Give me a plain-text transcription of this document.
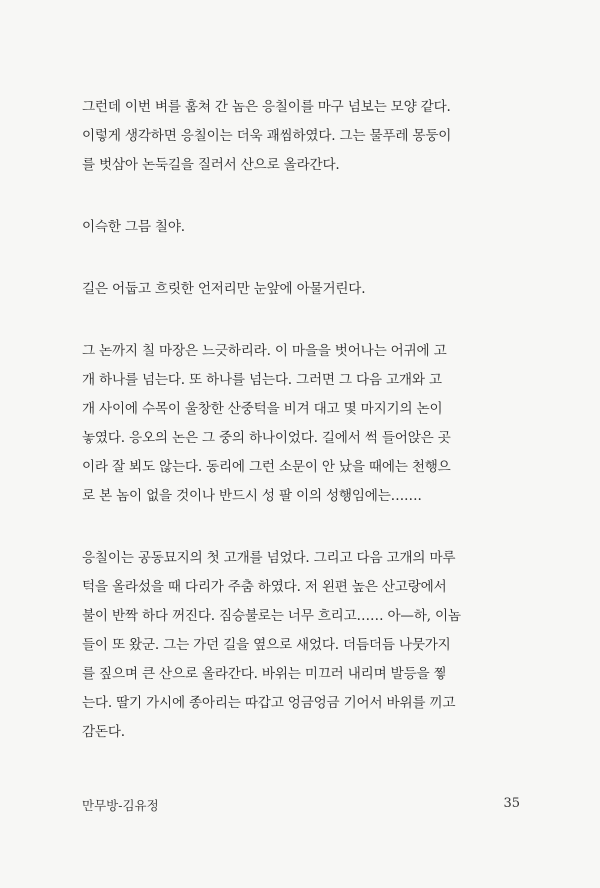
그런데 이번 벼를 훔쳐 간 놈은 응칠이를 마구 넘보는 모양 같다.
이렇게 생각하면 응칠이는 더욱 괘씸하였다. 그는 물푸레 몽둥이
를 벗삼아 논둑길을 질러서 산으로 올라간다.
이슥한 그믐 칠야.
길은 어둡고 흐릿한 언저리만 눈앞에 아물거린다.
그 논까지 칠 마장은 느긋하리라. 이 마을을 벗어나는 어귀에 고
개 하나를 넘는다. 또 하나를 넘는다. 그러면 그 다음 고개와 고
개 사이에 수목이 울창한 산중턱을 비겨 대고 몇 마지기의 논이
놓였다. 응오의 논은 그 중의 하나이었다. 길에서 썩 들어앉은 곳
이라 잘 뵈도 않는다. 동리에 그런 소문이 안 났을 때에는 천행으
로 본 놈이 없을 것이나 반드시 성 팔 이의 성행임에는…….
응칠이는 공동묘지의 첫 고개를 넘었다. 그리고 다음 고개의 마루
턱을 올라섰을 때 다리가 주춤 하였다. 저 왼편 높은 산고랑에서
불이 반짝 하다 꺼진다. 짐승불로는 너무 흐리고…… 아—하, 이놈
들이 또 왔군. 그는 가던 길을 옆으로 새었다. 더듬더듬 나뭇가지
를 짚으며 큰 산으로 올라간다. 바위는 미끄러 내리며 발등을 찧
는다. 딸기 가시에 종아리는 따갑고 엉금엉금 기어서 바위를 끼고
감돈다.
만무방-김유정	35
